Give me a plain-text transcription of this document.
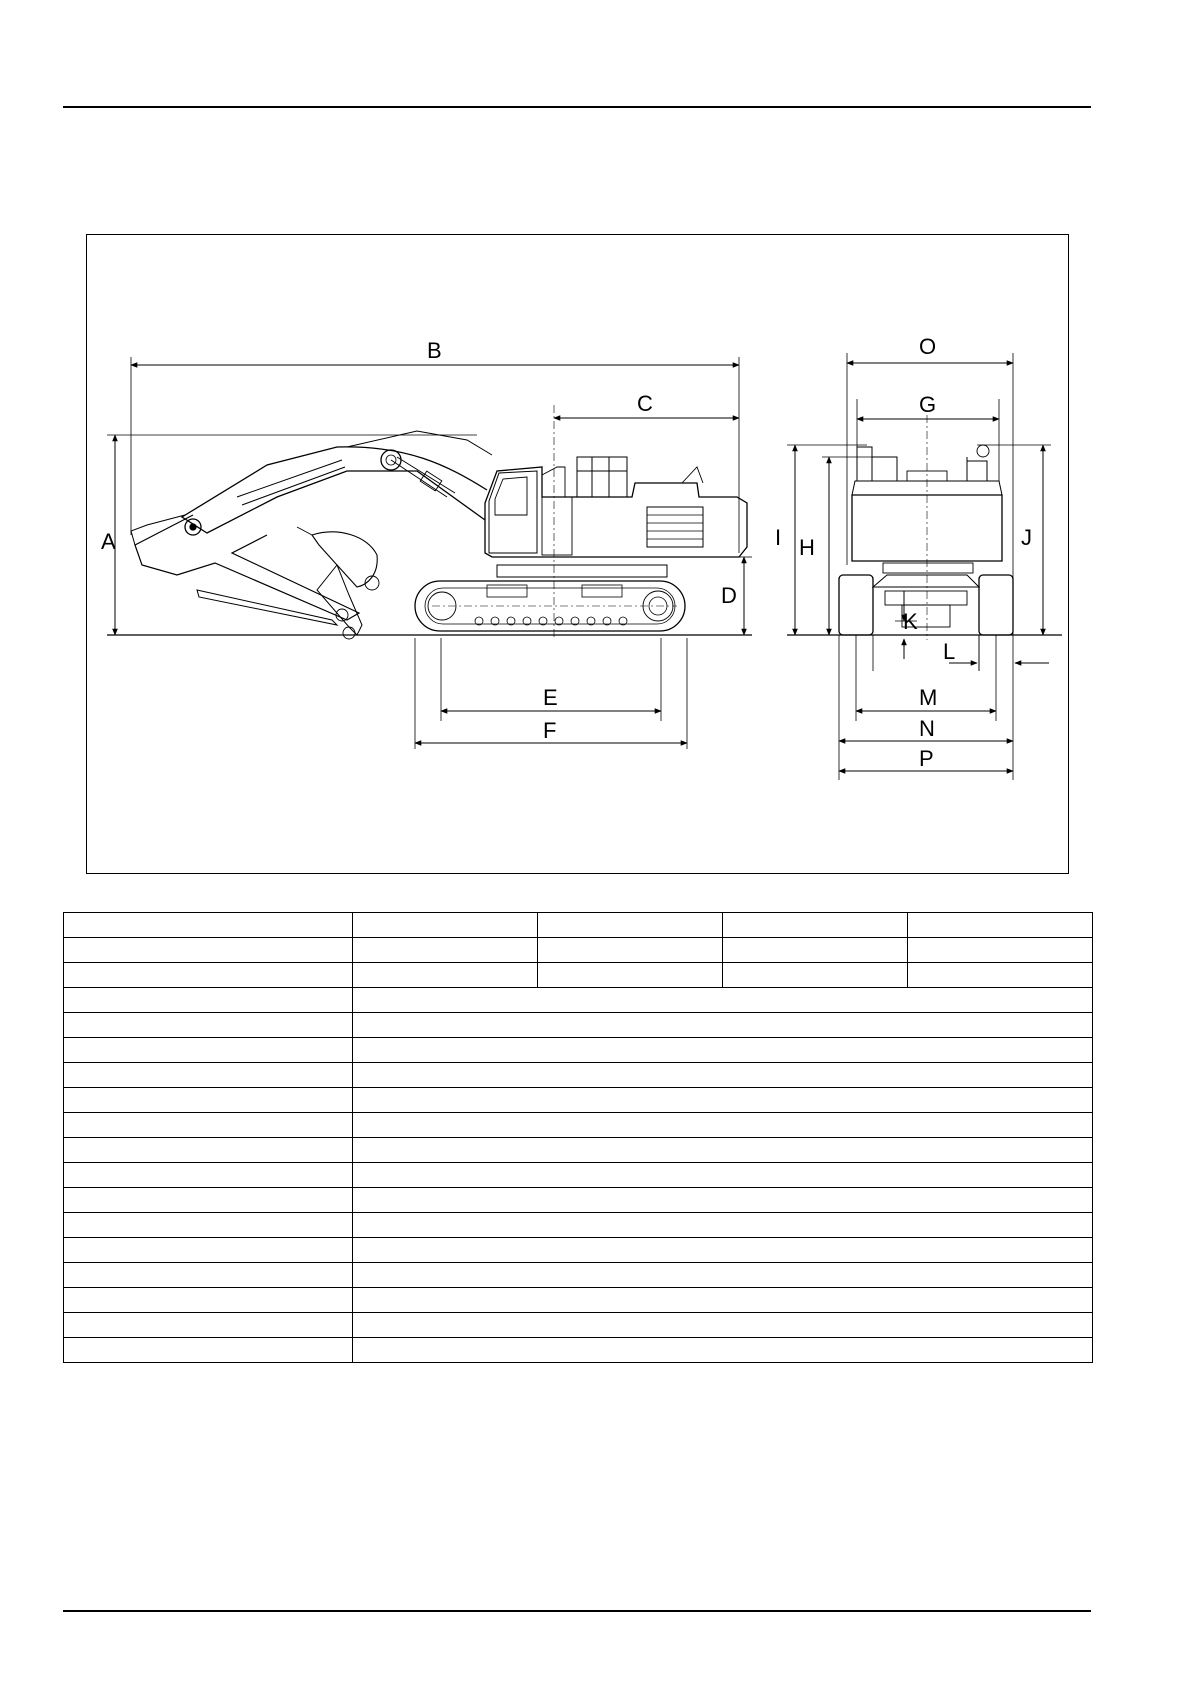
A
B
C
D
E
F
G
H
I	J
K
L
M
N
O
P
